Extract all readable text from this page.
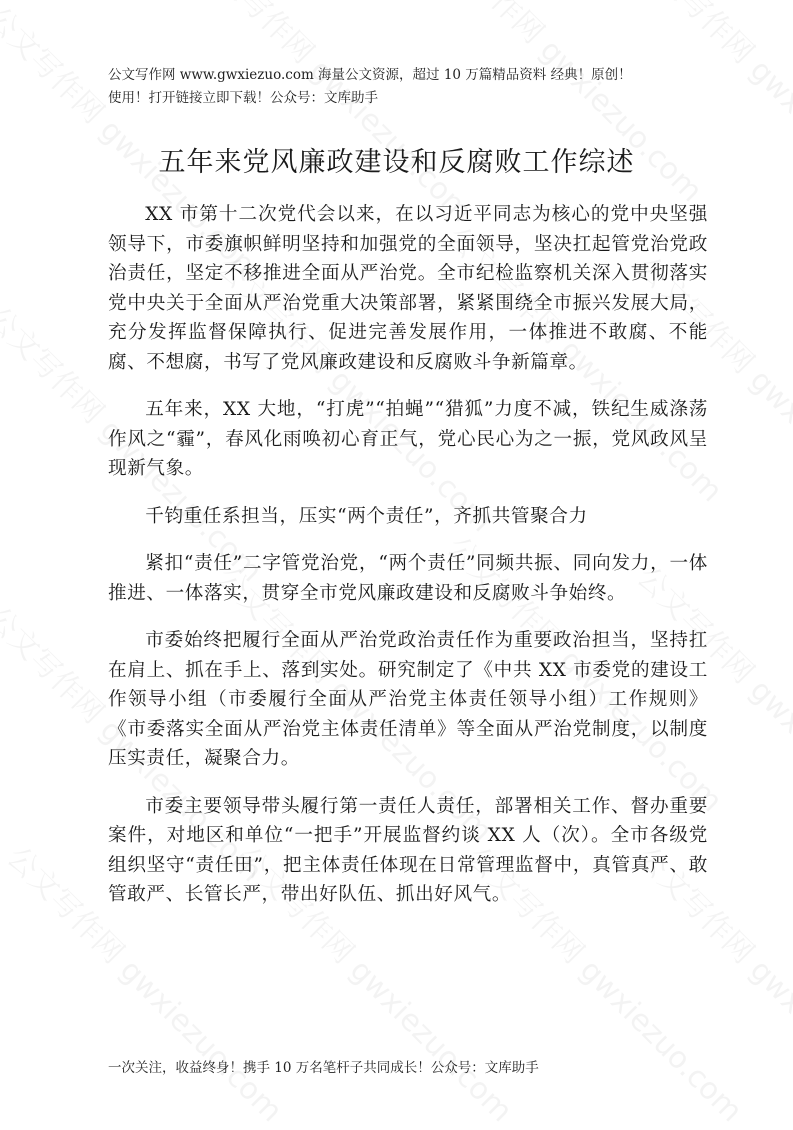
公文写作网 www.gwxiezuo.com 海量公文资源，超过 10 万篇精品资料 经典！原创！
使用！打开链接立即下载！公众号：文库助手
五年来党风廉政建设和反腐败工作综述

XX 市第十二次党代会以来，在以习近平同志为核心的党中央坚强领导下，市委旗帜鲜明坚持和加强党的全面领导，坚决扛起管党治党政治责任，坚定不移推进全面从严治党。全市纪检监察机关深入贯彻落实党中央关于全面从严治党重大决策部署，紧紧围绕全市振兴发展大局，充分发挥监督保障执行、促进完善发展作用，一体推进不敢腐、不能腐、不想腐，书写了党风廉政建设和反腐败斗争新篇章。

五年来，XX 大地，“打虎”“拍蝇”“猎狐”力度不减，铁纪生威涤荡作风之“霾”，春风化雨唤初心育正气，党心民心为之一振，党风政风呈现新气象。

千钧重任系担当，压实“两个责任”，齐抓共管聚合力

紧扣“责任”二字管党治党，“两个责任”同频共振、同向发力，一体推进、一体落实，贯穿全市党风廉政建设和反腐败斗争始终。

市委始终把履行全面从严治党政治责任作为重要政治担当，坚持扛在肩上、抓在手上、落到实处。研究制定了《中共 XX 市委党的建设工作领导小组（市委履行全面从严治党主体责任领导小组）工作规则》《市委落实全面从严治党主体责任清单》等全面从严治党制度，以制度压实责任，凝聚合力。

市委主要领导带头履行第一责任人责任，部署相关工作、督办重要案件，对地区和单位“一把手”开展监督约谈 XX 人（次）。全市各级党组织坚守“责任田”，把主体责任体现在日常管理监督中，真管真严、敢管敢严、长管长严，带出好队伍、抓出好风气。

一次关注，收益终身！携手 10 万名笔杆子共同成长！公众号：文库助手
